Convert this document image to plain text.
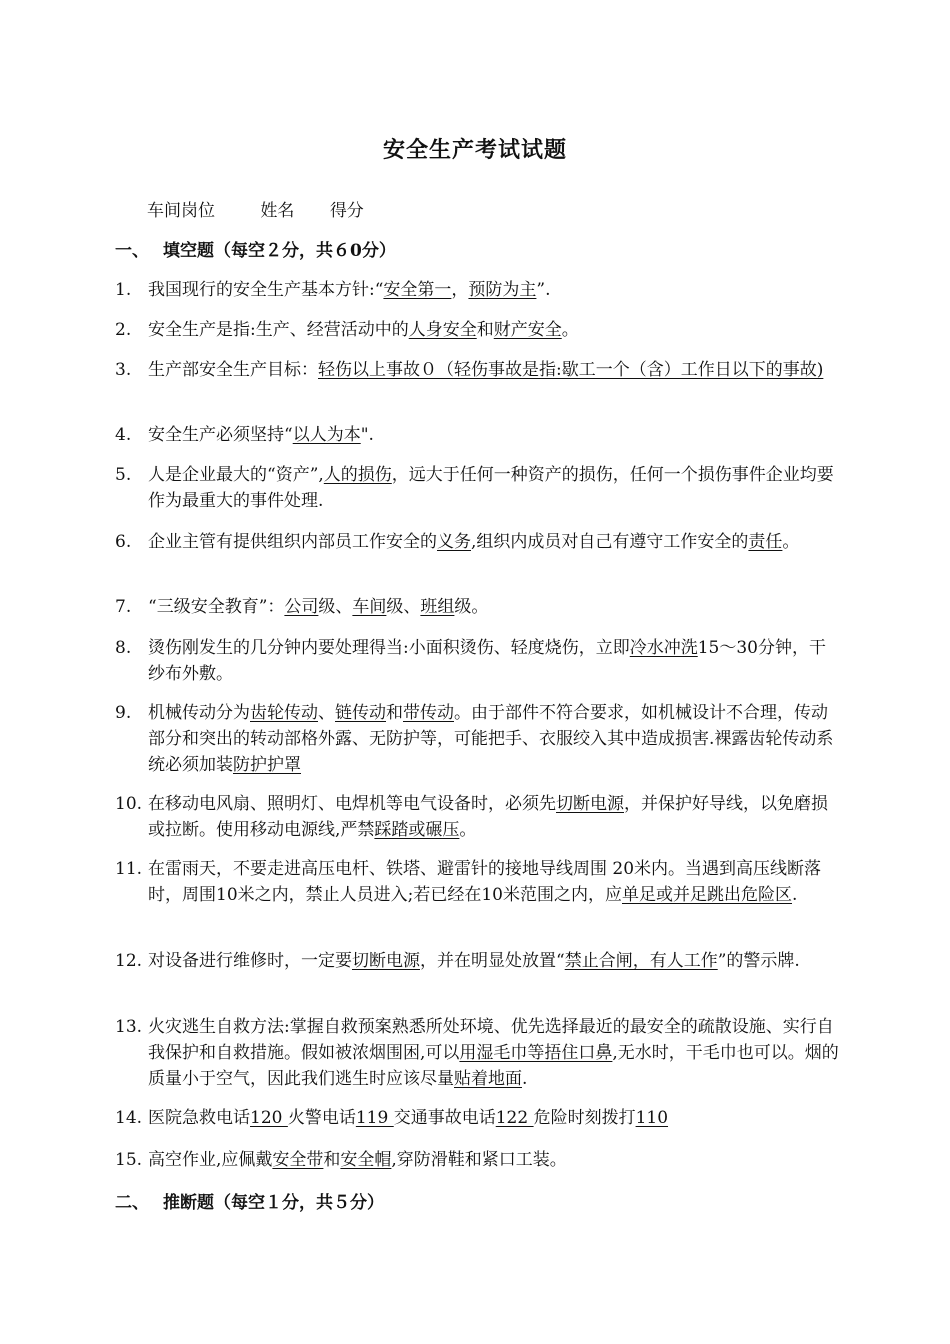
安全生产考试试题
车间岗位	姓名 得分
一、 填空题（每空２分，共６0分）
1. 我国现行的安全生产基本方针:“安全第一，预防为主”.
2. 安全生产是指:生产、经营活动中的人身安全和财产安全。
3. 生产部安全生产目标：轻伤以上事故０（轻伤事故是指:歇工一个（含）工作日以下的事故)
4. 安全生产必须坚持“以人为本".
5. 人是企业最大的“资产”,人的损伤，远大于任何一种资产的损伤，任何一个损伤事件企业均要作为最重大的事件处理.
6. 企业主管有提供组织内部员工作安全的义务,组织内成员对自己有遵守工作安全的责任。
7. “三级安全教育”：公司级、车间级、班组级。
8. 烫伤刚发生的几分钟内要处理得当:小面积烫伤、轻度烧伤，立即冷水冲洗15～30分钟，干纱布外敷。
9. 机械传动分为齿轮传动、链传动和带传动。由于部件不符合要求，如机械设计不合理，传动部分和突出的转动部格外露、无防护等，可能把手、衣服绞入其中造成损害.裸露齿轮传动系统必须加装防护护罩
10. 在移动电风扇、照明灯、电焊机等电气设备时，必须先切断电源，并保护好导线，以免磨损或拉断。使用移动电源线,严禁踩踏或碾压。
11. 在雷雨天，不要走进高压电杆、铁塔、避雷针的接地导线周围 20米内。当遇到高压线断落时，周围10米之内，禁止人员进入;若已经在10米范围之内，应单足或并足跳出危险区.
12. 对设备进行维修时，一定要切断电源，并在明显处放置“禁止合闸，有人工作”的警示牌.
13. 火灾逃生自救方法:掌握自救预案熟悉所处环境、优先选择最近的最安全的疏散设施、实行自我保护和自救措施。假如被浓烟围困,可以用湿毛巾等捂住口鼻,无水时，干毛巾也可以。烟的质量小于空气，因此我们逃生时应该尽量贴着地面.
14. 医院急救电话120 火警电话119 交通事故电话122 危险时刻拨打110
15. 高空作业,应佩戴安全带和安全帽,穿防滑鞋和紧口工装。
二、 推断题（每空１分，共５分）
